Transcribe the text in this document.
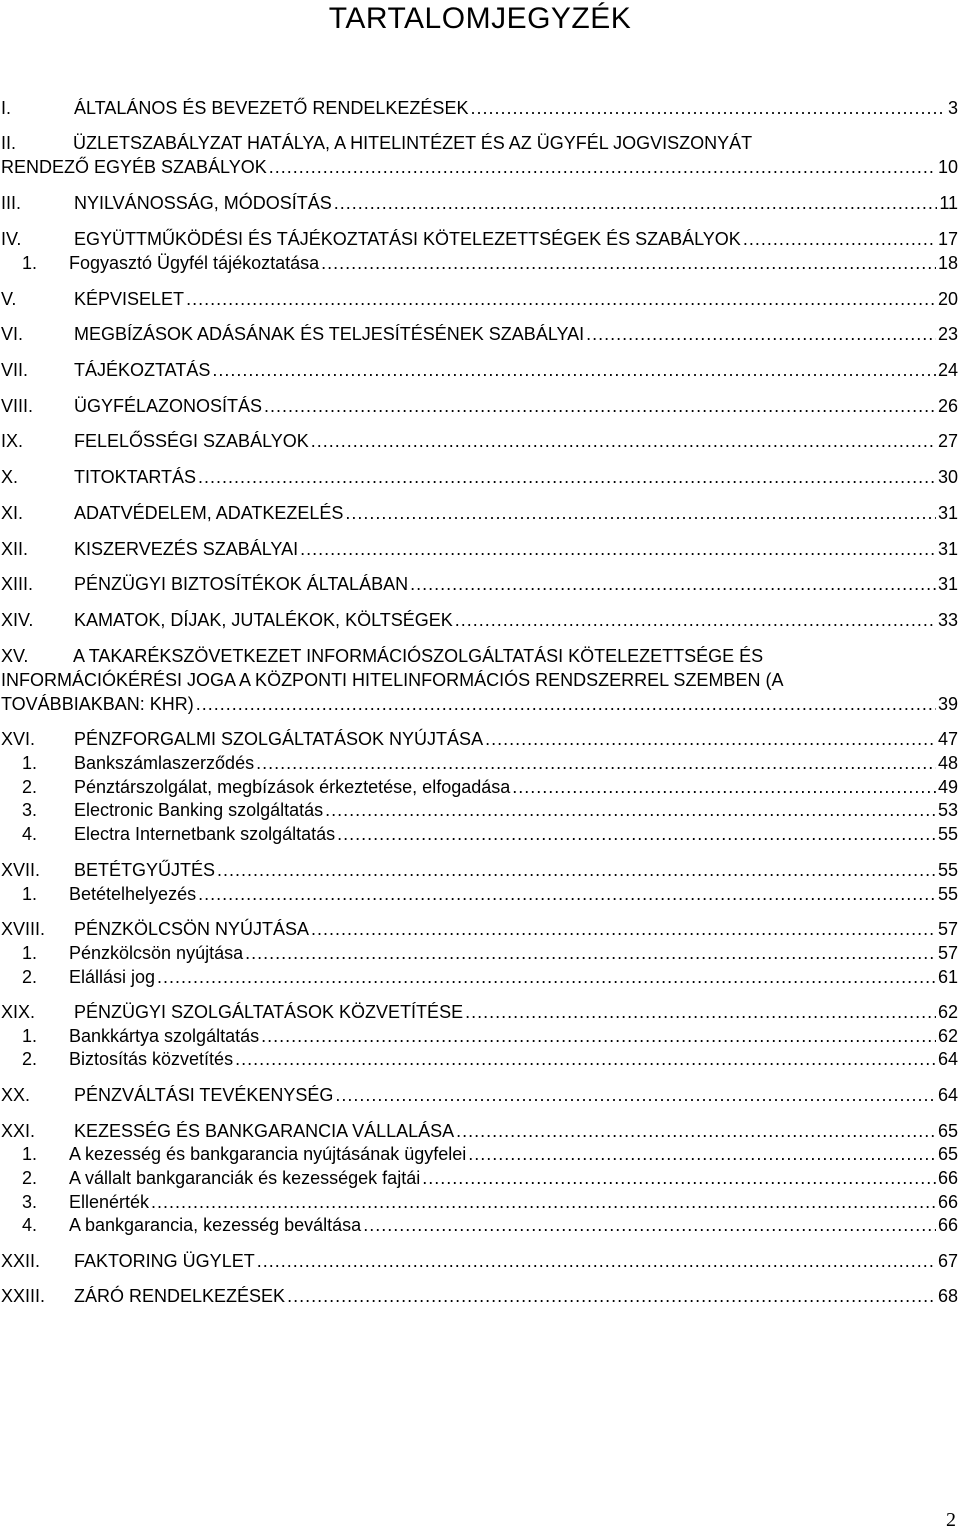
TARTALOMJEGYZÉK
I.	ÁLTALÁNOS ÉS BEVEZETŐ RENDELKEZÉSEK .....	3
II.	ÜZLETSZABÁLYZAT HATÁLYA, A HITELINTÉZET ÉS AZ ÜGYFÉL JOGVISZONYÁT
RENDEZŐ EGYÉB SZABÁLYOK .....	10
III.	NYILVÁNOSSÁG, MÓDOSÍTÁS .....	11
IV.	EGYÜTTMŰKÖDÉSI ÉS TÁJÉKOZTATÁSI KÖTELEZETTSÉGEK ÉS SZABÁLYOK .....	17
1. Fogyasztó Ügyfél tájékoztatása .....	18
V.	KÉPVISELET .....	20
VI.	MEGBÍZÁSOK ADÁSÁNAK ÉS TELJESÍTÉSÉNEK SZABÁLYAI .....	23
VII.	TÁJÉKOZTATÁS .....	24
VIII. ÜGYFÉLAZONOSÍTÁS .....	26
IX.	FELELŐSSÉGI SZABÁLYOK .....	27
X.	TITOKTARTÁS .....	30
XI.	ADATVÉDELEM, ADATKEZELÉS .....	31
XII.	KISZERVEZÉS SZABÁLYAI .....	31
XIII. PÉNZÜGYI BIZTOSÍTÉKOK ÁLTALÁBAN .....	31
XIV. KAMATOK, DÍJAK, JUTALÉKOK, KÖLTSÉGEK .....	33
XV. A TAKARÉKSZÖVETKEZET INFORMÁCIÓSZOLGÁLTATÁSI KÖTELEZETTSÉGE ÉS
INFORMÁCIÓKÉRÉSI JOGA A KÖZPONTI HITELINFORMÁCIÓS RENDSZERREL SZEMBEN (A
TOVÁBBIAKBAN: KHR) .....	39
XVI. PÉNZFORGALMI SZOLGÁLTATÁSOK NYÚJTÁSA .....	47
1. Bankszámlaszerződés .....	48
2. Pénztárszolgálat, megbízások érkeztetése, elfogadása .....	49
3. Electronic Banking szolgáltatás .....	53
4. Electra Internetbank szolgáltatás .....	55
XVII. BETÉTGYŰJTÉS .....	55
1. Betételhelyezés .....	55
XVIII. PÉNZKÖLCSÖN NYÚJTÁSA .....	57
1. Pénzkölcsön nyújtása .....	57
2. Elállási jog .....	61
XIX. PÉNZÜGYI SZOLGÁLTATÁSOK KÖZVETÍTÉSE .....	62
1. Bankkártya szolgáltatás .....	62
2. Biztosítás közvetítés .....	64
XX. PÉNZVÁLTÁSI TEVÉKENYSÉG .....	64
XXI. KEZESSÉG ÉS BANKGARANCIA VÁLLALÁSA .....	65
1. A kezesség és bankgarancia nyújtásának ügyfelei .....	65
2. A vállalt bankgaranciák és kezességek fajtái .....	66
3. Ellenérték .....	66
4. A bankgarancia, kezesség beváltása .....	66
XXII. FAKTORING ÜGYLET .....	67
XXIII. ZÁRÓ RENDELKEZÉSEK .....	68
2
